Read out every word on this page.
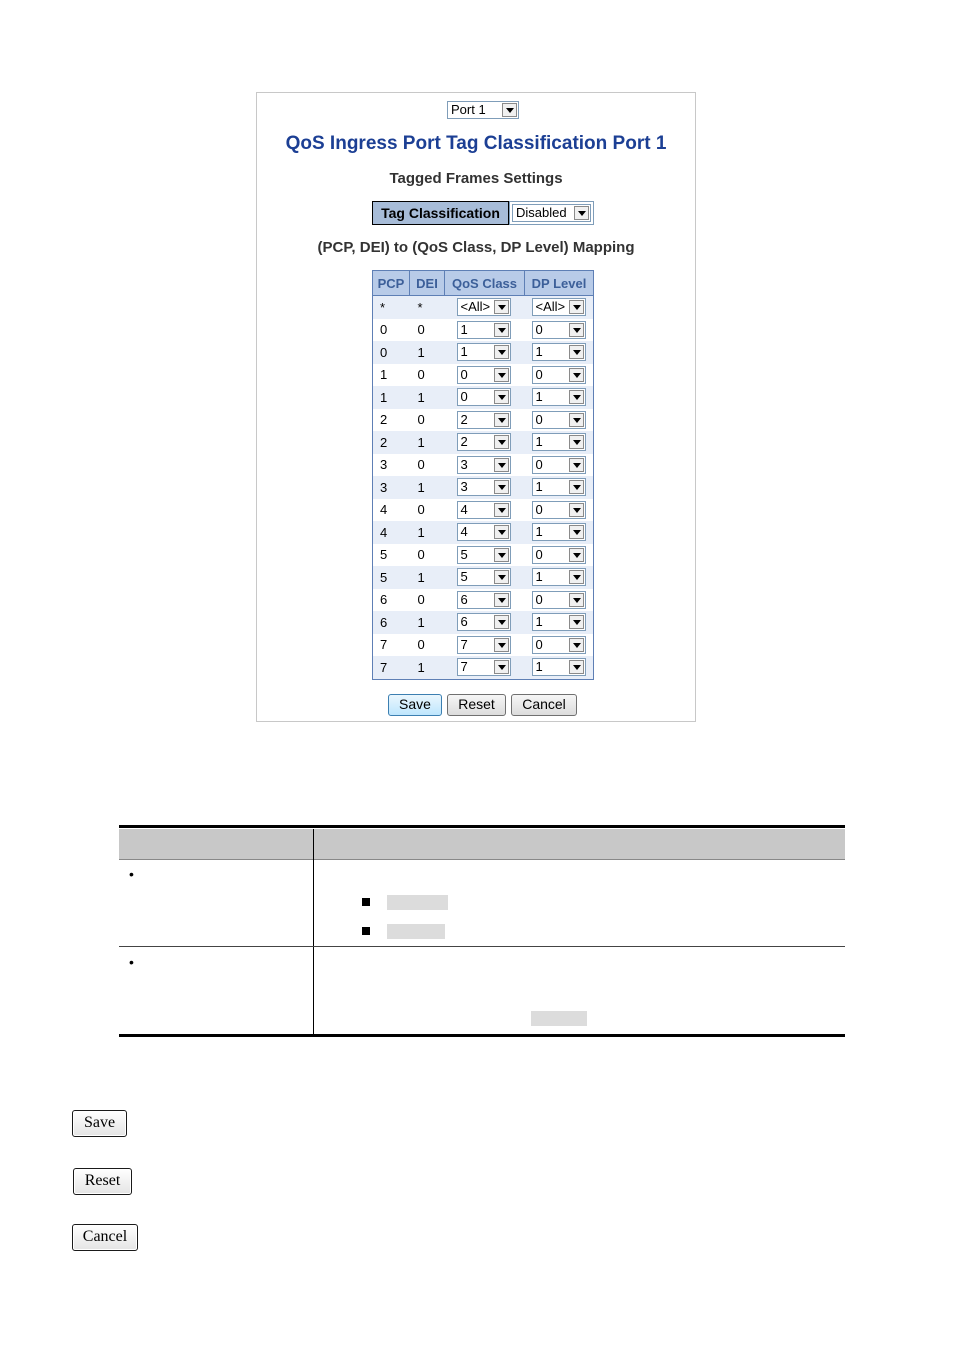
Port 1
QoS Ingress Port Tag Classification Port 1
Tagged Frames Settings
Tag Classification	Disabled
(PCP, DEI) to (QoS Class, DP Level) Mapping
PCP	DEI	QoS Class	DP Level
*	*	<All>	<All>

0	0	1	0

0	1	1	1

1	0	0	0

1	1	0	1

2	0	2	0

2	1	2	1

3	0	3	0

3	1	3	1

4	0	4	0

4	1	4	1

5	0	5	0

5	1	5	1

6	0	6	0

6	1	6	1

7	0	7	0

7	1	7	1
Save	Reset	Cancel
•
•
Save
Reset
Cancel
